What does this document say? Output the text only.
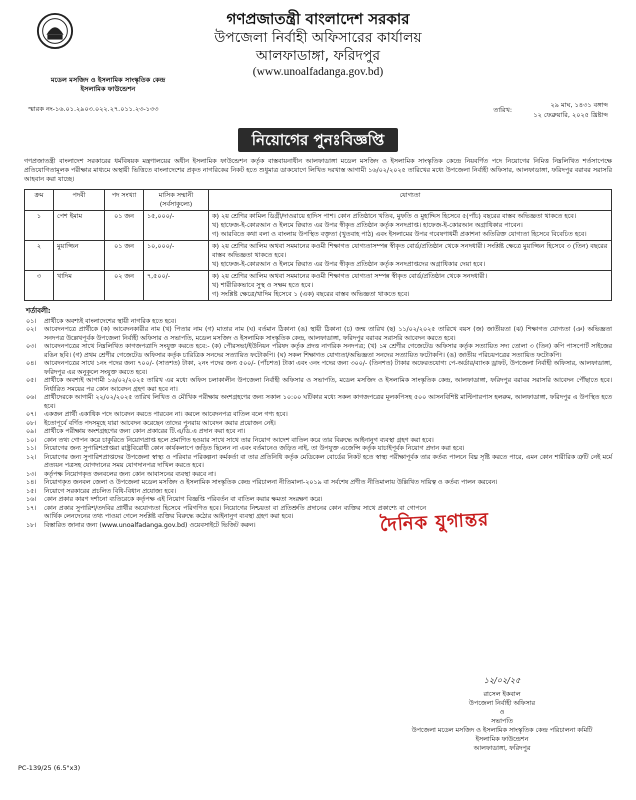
মডেল মসজিদ ও ইসলামিক সাংস্কৃতিক কেন্দ্র
ইসলামিক ফাউন্ডেশন
গণপ্রজাতন্ত্রী বাংলাদেশ সরকার
উপজেলা নির্বাহী অফিসারের কার্যালয়
আলফাডাঙ্গা, ফরিদপুর
(www.unoalfadanga.gov.bd)
স্মারক নং-১৬.০১.২৯০৩.০২২.২৭.০১১.২৩-১৩৩	তারিখ:
২৯ মাঘ, ১৪৩১ বঙ্গাব্দ
১২ ফেব্রুয়ারি, ২০২৫ খ্রিষ্টাব্দ
নিয়োগের পুনঃবিজ্ঞপ্তি
গণপ্রজাতন্ত্রী বাংলাদেশ সরকারের ধর্মবিষয়ক মন্ত্রণালয়ের অধীন ইসলামিক ফাউন্ডেশন কর্তৃক বাস্তবায়নাধীন আলফাডাঙ্গা মডেল মসজিদ ও ইসলামিক সাংস্কৃতিক কেন্দ্রে নিয়বর্ণিত পদে নিয়োগের নিমিত্ত নিম্নলিখিত শর্তসাপেক্ষে প্রতিযোগিতামূলক পরীক্ষার মাধ্যমে অস্থায়ী ভিত্তিতে বাংলাদেশের প্রকৃত নাগরিকের নিকট হতে শুধুমাত্র ডাকযোগে লিখিত দরখাস্ত আগামী ১৬/০২/২০২৫ তারিখের মধ্যে উপজেলা নির্বাহী অফিসার, আলফাডাঙ্গা, ফরিদপুর বরাবর সরাসরি আহবান করা যাচ্ছে।
ক্রম	পদবী	পদ সংখ্যা	মাসিক সম্মানী (সর্বসাকুল্যে)	যোগ্যতা
১	পেশ ইমাম	০১ জন	১৫,০০০/-	ক) ২য় শ্রেণির কামিল ডিগ্রী/দাওরায়ে হাদিস পাশ। কোন প্রতিষ্ঠানে খতিব, মুফতি ও মুহাদ্দিস হিসেবে ৫(পাঁচ) বছরের বাস্তব অভিজ্ঞতা থাকতে হবে।
খ) হাফেজ-ই-কোরআন ও ইলমে ক্বিরাত এর উপর স্বীকৃত প্রতিষ্ঠান কর্তৃক সনদপ্রাপ্ত। হাফেজ-ই-কোরআন অগ্রাধিকার পাবেন।
গ) আরবিতে কথা বলা ও বাংলায় উপস্থিত বক্তৃতা (খুতবাহ পাঠ) এবং ইসলামের উপর গবেষণাধর্মী প্রকাশনা অতিরিক্ত যোগ্যতা হিসেবে বিবেচিত হবে।

২	মুয়াজ্জিন	০১ জন	১০,০০০/-	ক) ২য় শ্রেণির আলিম অথবা সমমানের কওমী শিক্ষাগত যোগ্যতাসম্পন্ন স্বীকৃত বোর্ড/প্রতিষ্ঠান থেকে সনদধারী। সংশ্লিষ্ট ক্ষেত্রে মুয়াজ্জিন হিসেবে ৩ (তিন) বছরের বাস্তব অভিজ্ঞতা থাকতে হবে।
খ) হাফেজ-ই-কোরআন ও ইলমে ক্বিরাত এর উপর স্বীকৃত প্রতিষ্ঠান কর্তৃক সনদপ্রাপ্তদের অগ্রাধিকার দেয়া হবে।

৩	খাদিম	০২ জন	৭,৫০০/-	ক) ২য় শ্রেণির আলিম অথবা সমমানের কওমী শিক্ষাগত যোগ্যতা সম্পন্ন স্বীকৃত বোর্ড/প্রতিষ্ঠান থেকে সনদধারী।
খ) শারীরিকভাবে সুস্থ ও সক্ষম হতে হবে।
গ) সংশ্লিষ্ট ক্ষেত্রে/খাদিম হিসেবে ১ (এক) বছরের বাস্তব অভিজ্ঞতা থাকতে হবে।
শর্তাবলী:
০১।	প্রার্থীকে অবশ্যই বাংলাদেশের স্থায়ী নাগরিক হতে হবে।
০২।	আবেদনপত্রে প্রার্থীকে (ক) আবেদনকারীর নাম (খ) পিতার নাম (গ) মাতার নাম (ঘ) বর্তমান ঠিকানা (ঙ) স্থায়ী ঠিকানা (চ) জন্ম তারিখ (ছ) ১১/০২/২০২৫ তারিখে বয়স (জ) জাতীয়তা (ঝ) শিক্ষাগত যোগ্যতা (ঞ) অভিজ্ঞতা সনদপত্র উল্লেখপূর্বক উপজেলা নির্বাহী অফিসার ও সভাপতি, মডেল মসজিদ ও ইসলামিক সাংস্কৃতিক কেন্দ্র, আলফাডাঙ্গা, ফরিদপুর বরাবর সরাসরি আবেদন করতে হবে।
০৩।	আবেদনপত্রের সাথে নিম্নলিখিত কাগজপত্রাদি সংযুক্ত করতে হবে:- (ক) পৌরসভা/ইউনিয়ন পরিষদ কর্তৃক প্রদত্ত নাগরিক সনদপত্র; (খ) ১ম শ্রেণীর গেজেটেড অফিসার কর্তৃক সত্যায়িত সদ্য তোলা ৩ (তিন) কপি পাসপোর্ট সাইজের রঙিন ছবি। (গ) প্রথম শ্রেণীর গেজেটেড অফিসার কর্তৃক চারিত্রিক সনদের সত্যায়িত ফটোকপি। (ঘ) সকল শিক্ষাগত যোগ্যতা/অভিজ্ঞতা সনদের সত্যায়িত ফটোকপি। (ঙ) জাতীয় পরিচয়পত্রের সত্যায়িত ফটোকপি।
০৪।	আবেদনপত্রের সাথে ১নং পদের জন্য ৭০০/- (সাতশত) টাকা, ২নং পদের জন্য ৫০০/- (পাঁচশত) টাকা এবং ৩নং পদের জন্য ৩০০/- (তিনশত) টাকার অফেরতযোগ্য পে-অর্ডার/ব্যাংক ড্রাফট, উপজেলা নির্বাহী অফিসার, আলফাডাঙ্গা, ফরিদপুর এর অনুকূলে সংযুক্ত করতে হবে।
০৫।	প্রার্থীকে অবশ্যই আগামী ১৬/০২/২০২৫ তারিখ এর মধ্যে অফিস চলাকালীন উপজেলা নির্বাহী অফিসার ও সভাপতি, মডেল মসজিদ ও ইসলামিক সাংস্কৃতিক কেন্দ্র, আলফাডাঙ্গা, ফরিদপুর বরাবর সরাসরি আবেদন পৌঁছাতে হবে। নির্ধারিত সময়ের পর কোন আবেদন গ্রহণ করা হবে না।
০৬।	প্রার্থীদেরকে আগামী ২২/০২/২০২৫ তারিখ লিখিত ও মৌখিক পরীক্ষায় অংশগ্রহণের জন্য সকাল ১০:০০ ঘটিকার মধ্যে সকল কাগজপত্রের মূলকপিসহ ৫০০ আসনবিশিষ্ট মাল্টিপারপাস হলরুম, আলফাডাঙ্গা, ফরিদপুর এ উপস্থিত হতে হবে।
০৭।	একজন প্রার্থী একাধিক পদে আবেদন করতে পারবেন না। করলে আবেদনপত্র বাতিল বলে গণ্য হবে।
০৮।	ইতোপূর্বে বর্ণিত পদসমূহে যারা আবেদন করেছেন তাদের পুনরায় আবেদন করার প্রয়োজন নেই।
০৯।	প্রার্থীকে পরীক্ষায় অংশগ্রহণের জন্য কোন প্রকারের টি.এ/ডি.এ প্রদান করা হবে না।
১০।	কোন তথ্য গোপন করে চাকুরিতে নিয়োগপ্রাপ্ত হলে প্রমাণিত হওয়ার সাথে সাথে তার নিয়োগ আদেশ বাতিল করে তার বিরুদ্ধে আইনানুগ ব্যবস্থা গ্রহণ করা হবে।
১১।	নিয়োগের জন্য সুপারিশপ্রাপ্তরা রাষ্ট্রবিরোধী কোন কার্যকলাপে জড়িত ছিলেন না এবং বর্তমানেও জড়িত নাই, তা উপযুক্ত এজেন্সি কর্তৃক যাচাইপূর্বক নিয়োগ প্রদান করা হবে।
১২।	নিয়োগের জন্য সুপারিশপ্রাপ্তদের উপজেলা স্বাস্থ্য ও পরিবার পরিকল্পনা কর্মকর্তা বা তার প্রতিনিধি কর্তৃক মেডিকেল বোর্ডের নিকট হতে স্বাস্থ্য পরীক্ষাপূর্বক তার কর্তব্য পালনে বিঘ্ন সৃষ্টি করতে পারে, এমন কোন শারীরিক ত্রুটি নেই মর্মে প্রত্যয়ন পত্রসহ যোগদানের সময় যোগদানপত্র দাখিল করতে হবে।
১৩।	কর্তৃপক্ষ নিয়োগকৃত জনবলের জন্য কোন আবাসনের ব্যবস্থা করবে না।
১৪।	নিয়োগকৃত জনবল জেলা ও উপজেলা মডেল মসজিদ ও ইসলামিক সাংস্কৃতিক কেন্দ্র পরিচালনা নীতিমালা-২০১৯ বা সর্বশেষ প্রণীত নীতিমালায় উল্লিখিত দায়িত্ব ও কর্তব্য পালন করবেন।
১৫।	নিয়োগে সরকারের প্রচলিত বিধি-বিধান প্রযোজ্য হবে।
১৬।	কোন প্রকার কারণ দর্শানো ব্যতিরেকে কর্তৃপক্ষ এই নিয়োগ বিজ্ঞপ্তি পরিবর্তন বা বাতিল করার ক্ষমতা সংরক্ষণ করে।
১৭।	কোন প্রকার সুপারিশ/তদবির প্রার্থীর অযোগ্যতা হিসেবে পরিগণিত হবে। নিয়োগের নিশ্চয়তা বা প্রতিশ্রুতি প্রদানের কোন ব্যক্তির সাথে প্রকাশ্যে বা গোপনে আর্থিক লেনদেনের তথ্য পাওয়া গেলে সংশ্লিষ্ট ব্যক্তির বিরুদ্ধে কঠোর আইনানুগ ব্যবস্থা গ্রহণ করা হবে।
১৮।	বিস্তারিত জানার জন্য (www.unoalfadanga.gov.bd) ওয়েবসাইটে ভিজিট করুন।	দৈনিক যুগান্তর
১২/০২/২৫
রাসেল ইকবাল
উপজেলা নির্বাহী অফিসার
ও
সভাপতি
উপজেলা মডেল মসজিদ ও ইসলামিক সাংস্কৃতিক কেন্দ্র পরিচালনা কমিটি
ইসলামিক ফাউন্ডেশন
আলফাডাঙ্গা, ফরিদপুর
PC-139/25 (6.5"x3)
